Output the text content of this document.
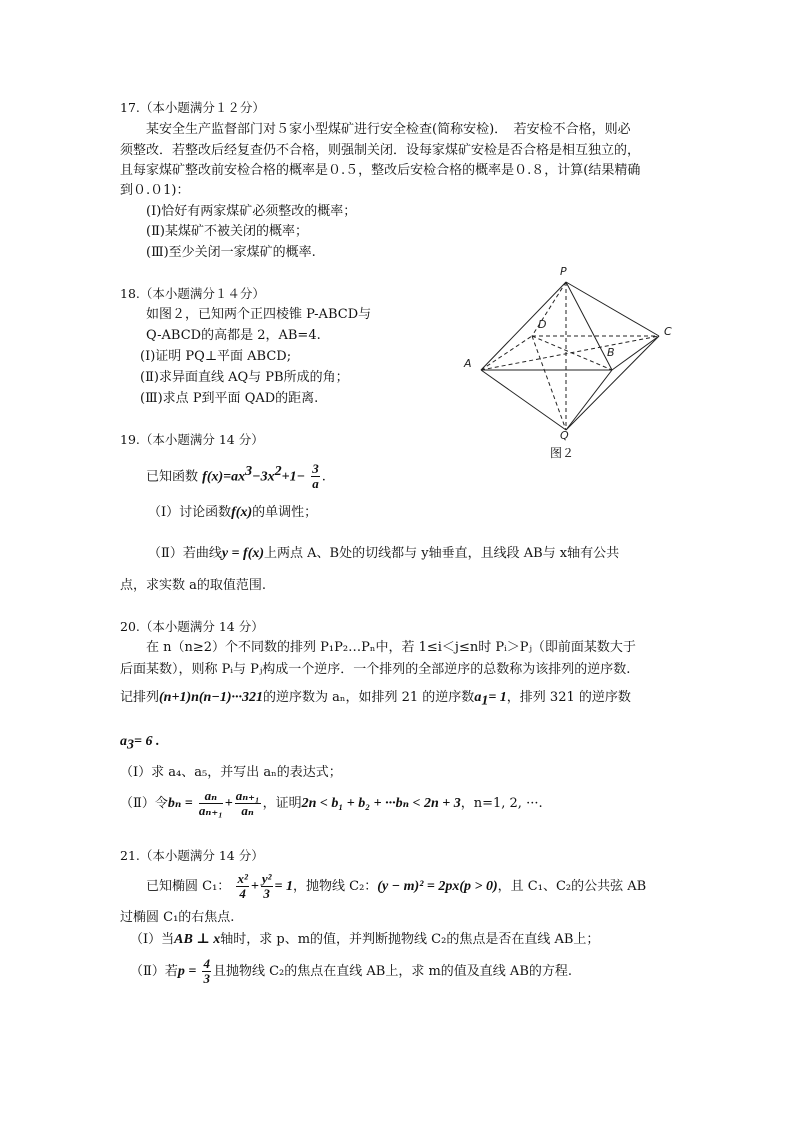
17.（本小题满分１２分）
某安全生产监督部门对５家小型煤矿进行安全检查(简称安检)．　若安检不合格，则必
须整改．若整改后经复查仍不合格，则强制关闭．设每家煤矿安检是否合格是相互独立的，
且每家煤矿整改前安检合格的概率是０.５，整改后安检合格的概率是０.８，计算(结果精确
到０.０1)：
(Ⅰ)恰好有两家煤矿必须整改的概率；
(Ⅱ)某煤矿不被关闭的概率；
(Ⅲ)至少关闭一家煤矿的概率.
18.（本小题满分１４分）
如图２，已知两个正四棱锥 P-ABCD与
Q-ABCD的高都是 2，AB=4.
(Ⅰ)证明 PQ⊥平面 ABCD;
(Ⅱ)求异面直线 AQ与 PB所成的角；
(Ⅲ)求点 P到平面 QAD的距离.
P
D
C
A
B
Q
图２
19.（本小题满分 14 分）
已知函数 $f(x)=ax^3-3x^2+1- \frac{3}{a}$ .
（Ⅰ）讨论函数f(x)的单调性；
（Ⅱ）若曲线y = f(x)上两点 A、B处的切线都与 y轴垂直，且线段 AB与 x轴有公共
点，求实数 a的取值范围.
20.（本小题满分 14 分）
在 n（n≥2）个不同数的排列 P₁P₂…Pₙ中，若 1≤i＜j≤n时 Pᵢ＞Pⱼ（即前面某数大于
后面某数），则称 Pᵢ与 Pⱼ构成一个逆序．一个排列的全部逆序的总数称为该排列的逆序数.
记排列(n+1)n(n−1)···321的逆序数为 aₙ，如排列 21 的逆序数$a_1= 1$，排列 321 的逆序数
$a_3= 6$ .
（Ⅰ）求 a₄、a₅，并写出 aₙ的表达式；
（Ⅱ）令$b_n = \frac{\text{aₙ}}{\text{aₙ₊₁}} + \frac{\text{aₙ₊₁}}{\text{aₙ}}$ ，证明2n < b₁ + b₂ + ···bₙ < 2n + 3，n=1, 2, ···.
21.（本小题满分 14 分）
已知椭圆 C₁： $\frac{\text{x²}}{4} + \frac{\text{y²}}{3} = 1$，抛物线 C₂：(y − m)² = 2px(p > 0)，且 C₁、C₂的公共弦 AB
过椭圆 C₁的右焦点.
（Ⅰ）当AB ⊥ x轴时，求 p、m的值，并判断抛物线 C₂的焦点是否在直线 AB上；
（Ⅱ）若$p = \frac{4}{3}$ 且抛物线 C₂的焦点在直线 AB上，求 m的值及直线 AB的方程.
